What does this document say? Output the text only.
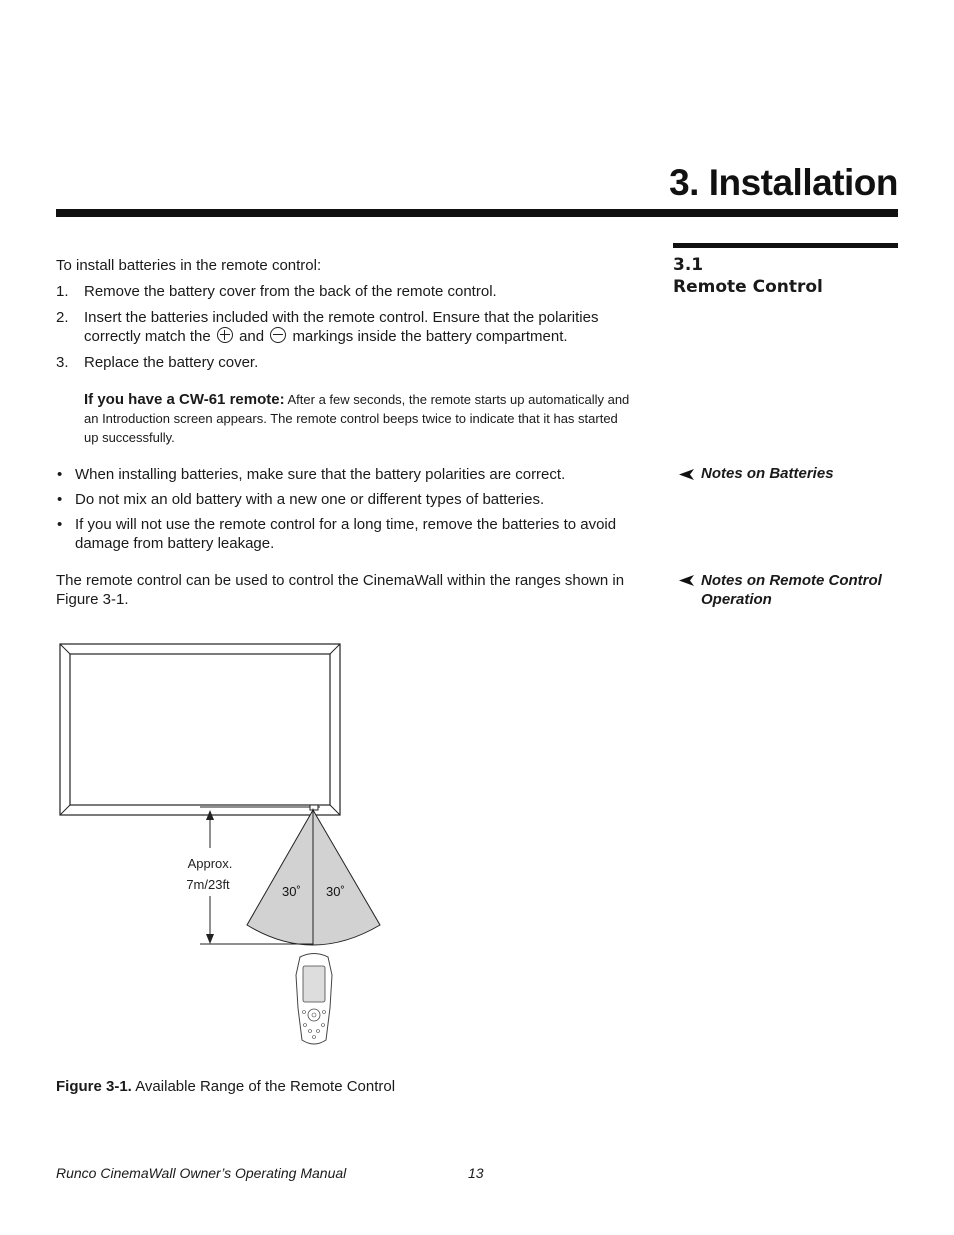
3. Installation
3.1
Remote Control
To install batteries in the remote control:
1. Remove the battery cover from the back of the remote control.
2. Insert the batteries included with the remote control. Ensure that the polarities
correctly match the and markings inside the battery compartment.
3. Replace the battery cover.
If you have a CW-61 remote: After a few seconds, the remote starts up automatically and
an Introduction screen appears. The remote control beeps twice to indicate that it has started
up successfully.
• When installing batteries, make sure that the battery polarities are correct.
• Do not mix an old battery with a new one or different types of batteries.
• If you will not use the remote control for a long time, remove the batteries to avoid
damage from battery leakage.
Notes on Batteries
Notes on Remote Control
Operation
The remote control can be used to control the CinemaWall within the ranges shown in
Figure 3-1.
Approx.
7m/23ft	30˚ 30˚
Figure 3-1. Available Range of the Remote Control
Runco CinemaWall Owner’s Operating Manual	13
